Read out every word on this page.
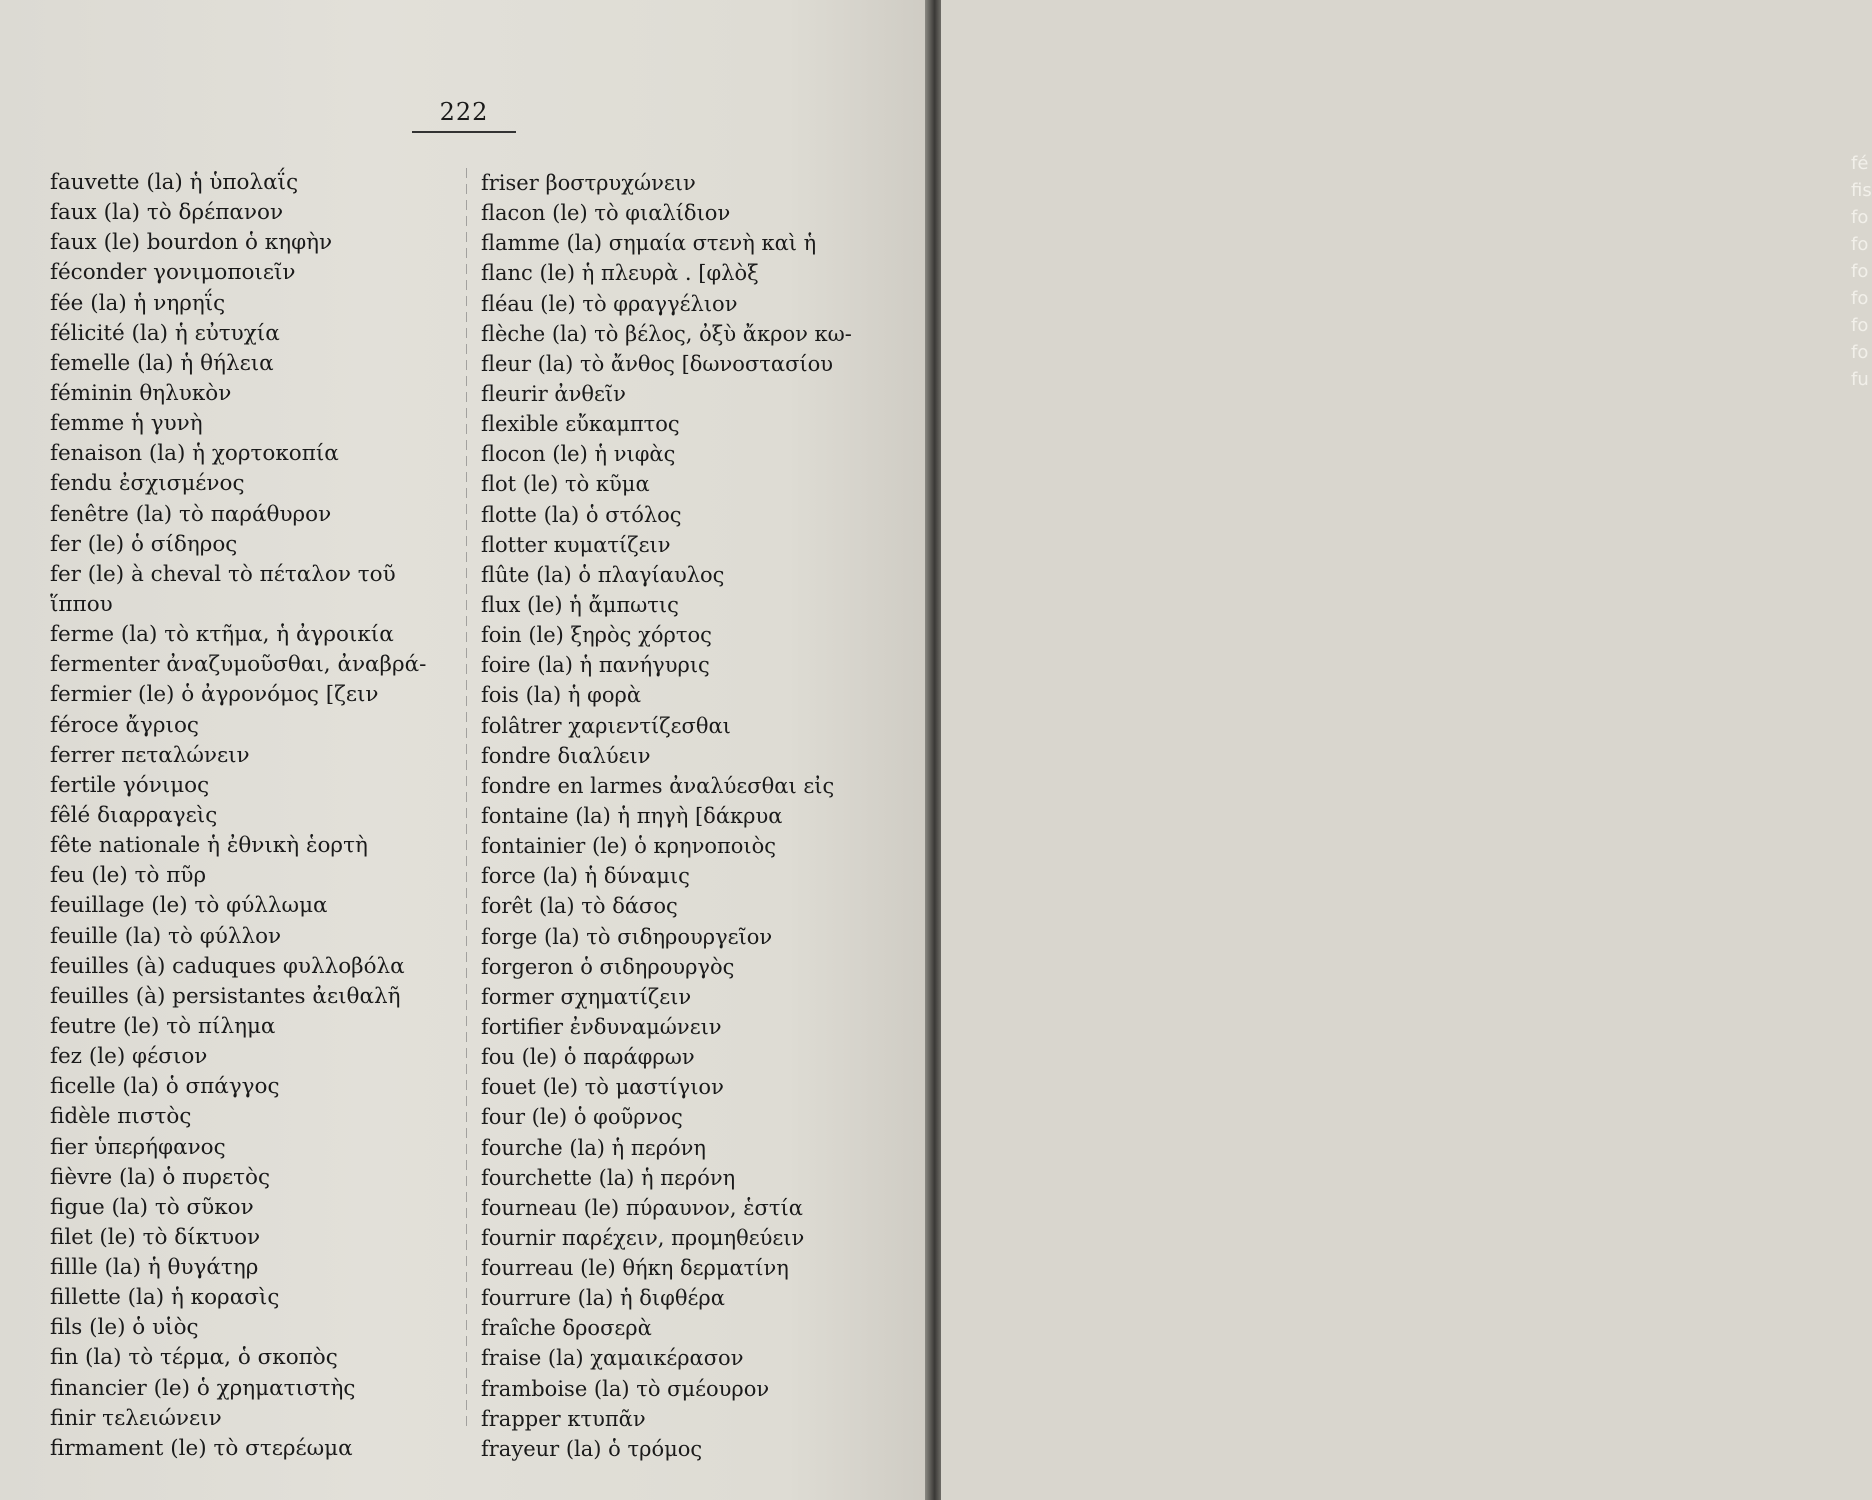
222
fauvette (la) ἡ ὑπολαΐς
faux (la) τὸ δρέπανον
faux (le) bourdon ὁ κηφὴν
féconder γονιμοποιεῖν
fée (la) ἡ νηρηΐς
félicité (la) ἡ εὐτυχία
femelle (la) ἡ θήλεια
féminin θηλυκὸν
femme ἡ γυνὴ
fenaison (la) ἡ χορτοκοπία
fendu ἐσχισμένος
fenêtre (la) τὸ παράθυρον
fer (le) ὁ σίδηρος
fer (le) à cheval τὸ πέταλον τοῦ
ἵππου
ferme (la) τὸ κτῆμα, ἡ ἀγροικία
fermenter ἀναζυμοῦσθαι, ἀναβρά-
fermier (le) ὁ ἀγρονόμος [ζειν
féroce ἄγριος
ferrer πεταλώνειν
fertile γόνιμος
fêlé διαρραγεὶς
fête nationale ἡ ἐθνικὴ ἑορτὴ
feu (le) τὸ πῦρ
feuillage (le) τὸ φύλλωμα
feuille (la) τὸ φύλλον
feuilles (à) caduques φυλλοβόλα
feuilles (à) persistantes ἀειθαλῆ
feutre (le) τὸ πίλημα
fez (le) φέσιον
ficelle (la) ὁ σπάγγος
fidèle πιστὸς
fier ὑπερήφανος
fièvre (la) ὁ πυρετὸς
figue (la) τὸ σῦκον
filet (le) τὸ δίκτυον
fillle (la) ἡ θυγάτηρ
fillette (la) ἡ κορασὶς
fils (le) ὁ υἱὸς
fin (la) τὸ τέρμα, ὁ σκοπὸς
financier (le) ὁ χρηματιστὴς
finir τελειώνειν
firmament (le) τὸ στερέωμα
friser βοστρυχώνειν
flacon (le) τὸ φιαλίδιον
flamme (la) σημαία στενὴ καὶ ἡ
flanc (le) ἡ πλευρὰ . [φλὸξ
fléau (le) τὸ φραγγέλιον
flèche (la) τὸ βέλος, ὀξὺ ἄκρον κω-
fleur (la) τὸ ἄνθος [δωνοστασίου
fleurir ἀνθεῖν
flexible εὔκαμπτος
flocon (le) ἡ νιφὰς
flot (le) τὸ κῦμα
flotte (la) ὁ στόλος
flotter κυματίζειν
flûte (la) ὁ πλαγίαυλος
flux (le) ἡ ἄμπωτις
foin (le) ξηρὸς χόρτος
foire (la) ἡ πανήγυρις
fois (la) ἡ φορὰ
folâtrer χαριεντίζεσθαι
fondre διαλύειν
fondre en larmes ἀναλύεσθαι εἰς
fontaine (la) ἡ πηγὴ [δάκρυα
fontainier (le) ὁ κρηνοποιὸς
force (la) ἡ δύναμις
forêt (la) τὸ δάσος
forge (la) τὸ σιδηρουργεῖον
forgeron ὁ σιδηρουργὸς
former σχηματίζειν
fortifier ἐνδυναμώνειν
fou (le) ὁ παράφρων
fouet (le) τὸ μαστίγιον
four (le) ὁ φοῦρνος
fourche (la) ἡ περόνη
fourchette (la) ἡ περόνη
fourneau (le) πύραυνον, ἑστία
fournir παρέχειν, προμηθεύειν
fourreau (le) θήκη δερματίνη
fourrure (la) ἡ διφθέρα
fraîche δροσερὰ
fraise (la) χαμαικέρασον
framboise (la) τὸ σμέουρον
frapper κτυπᾶν
frayeur (la) ὁ τρόμος
fé
fis
fo
fo
fo
fo
fo
fo
fu
